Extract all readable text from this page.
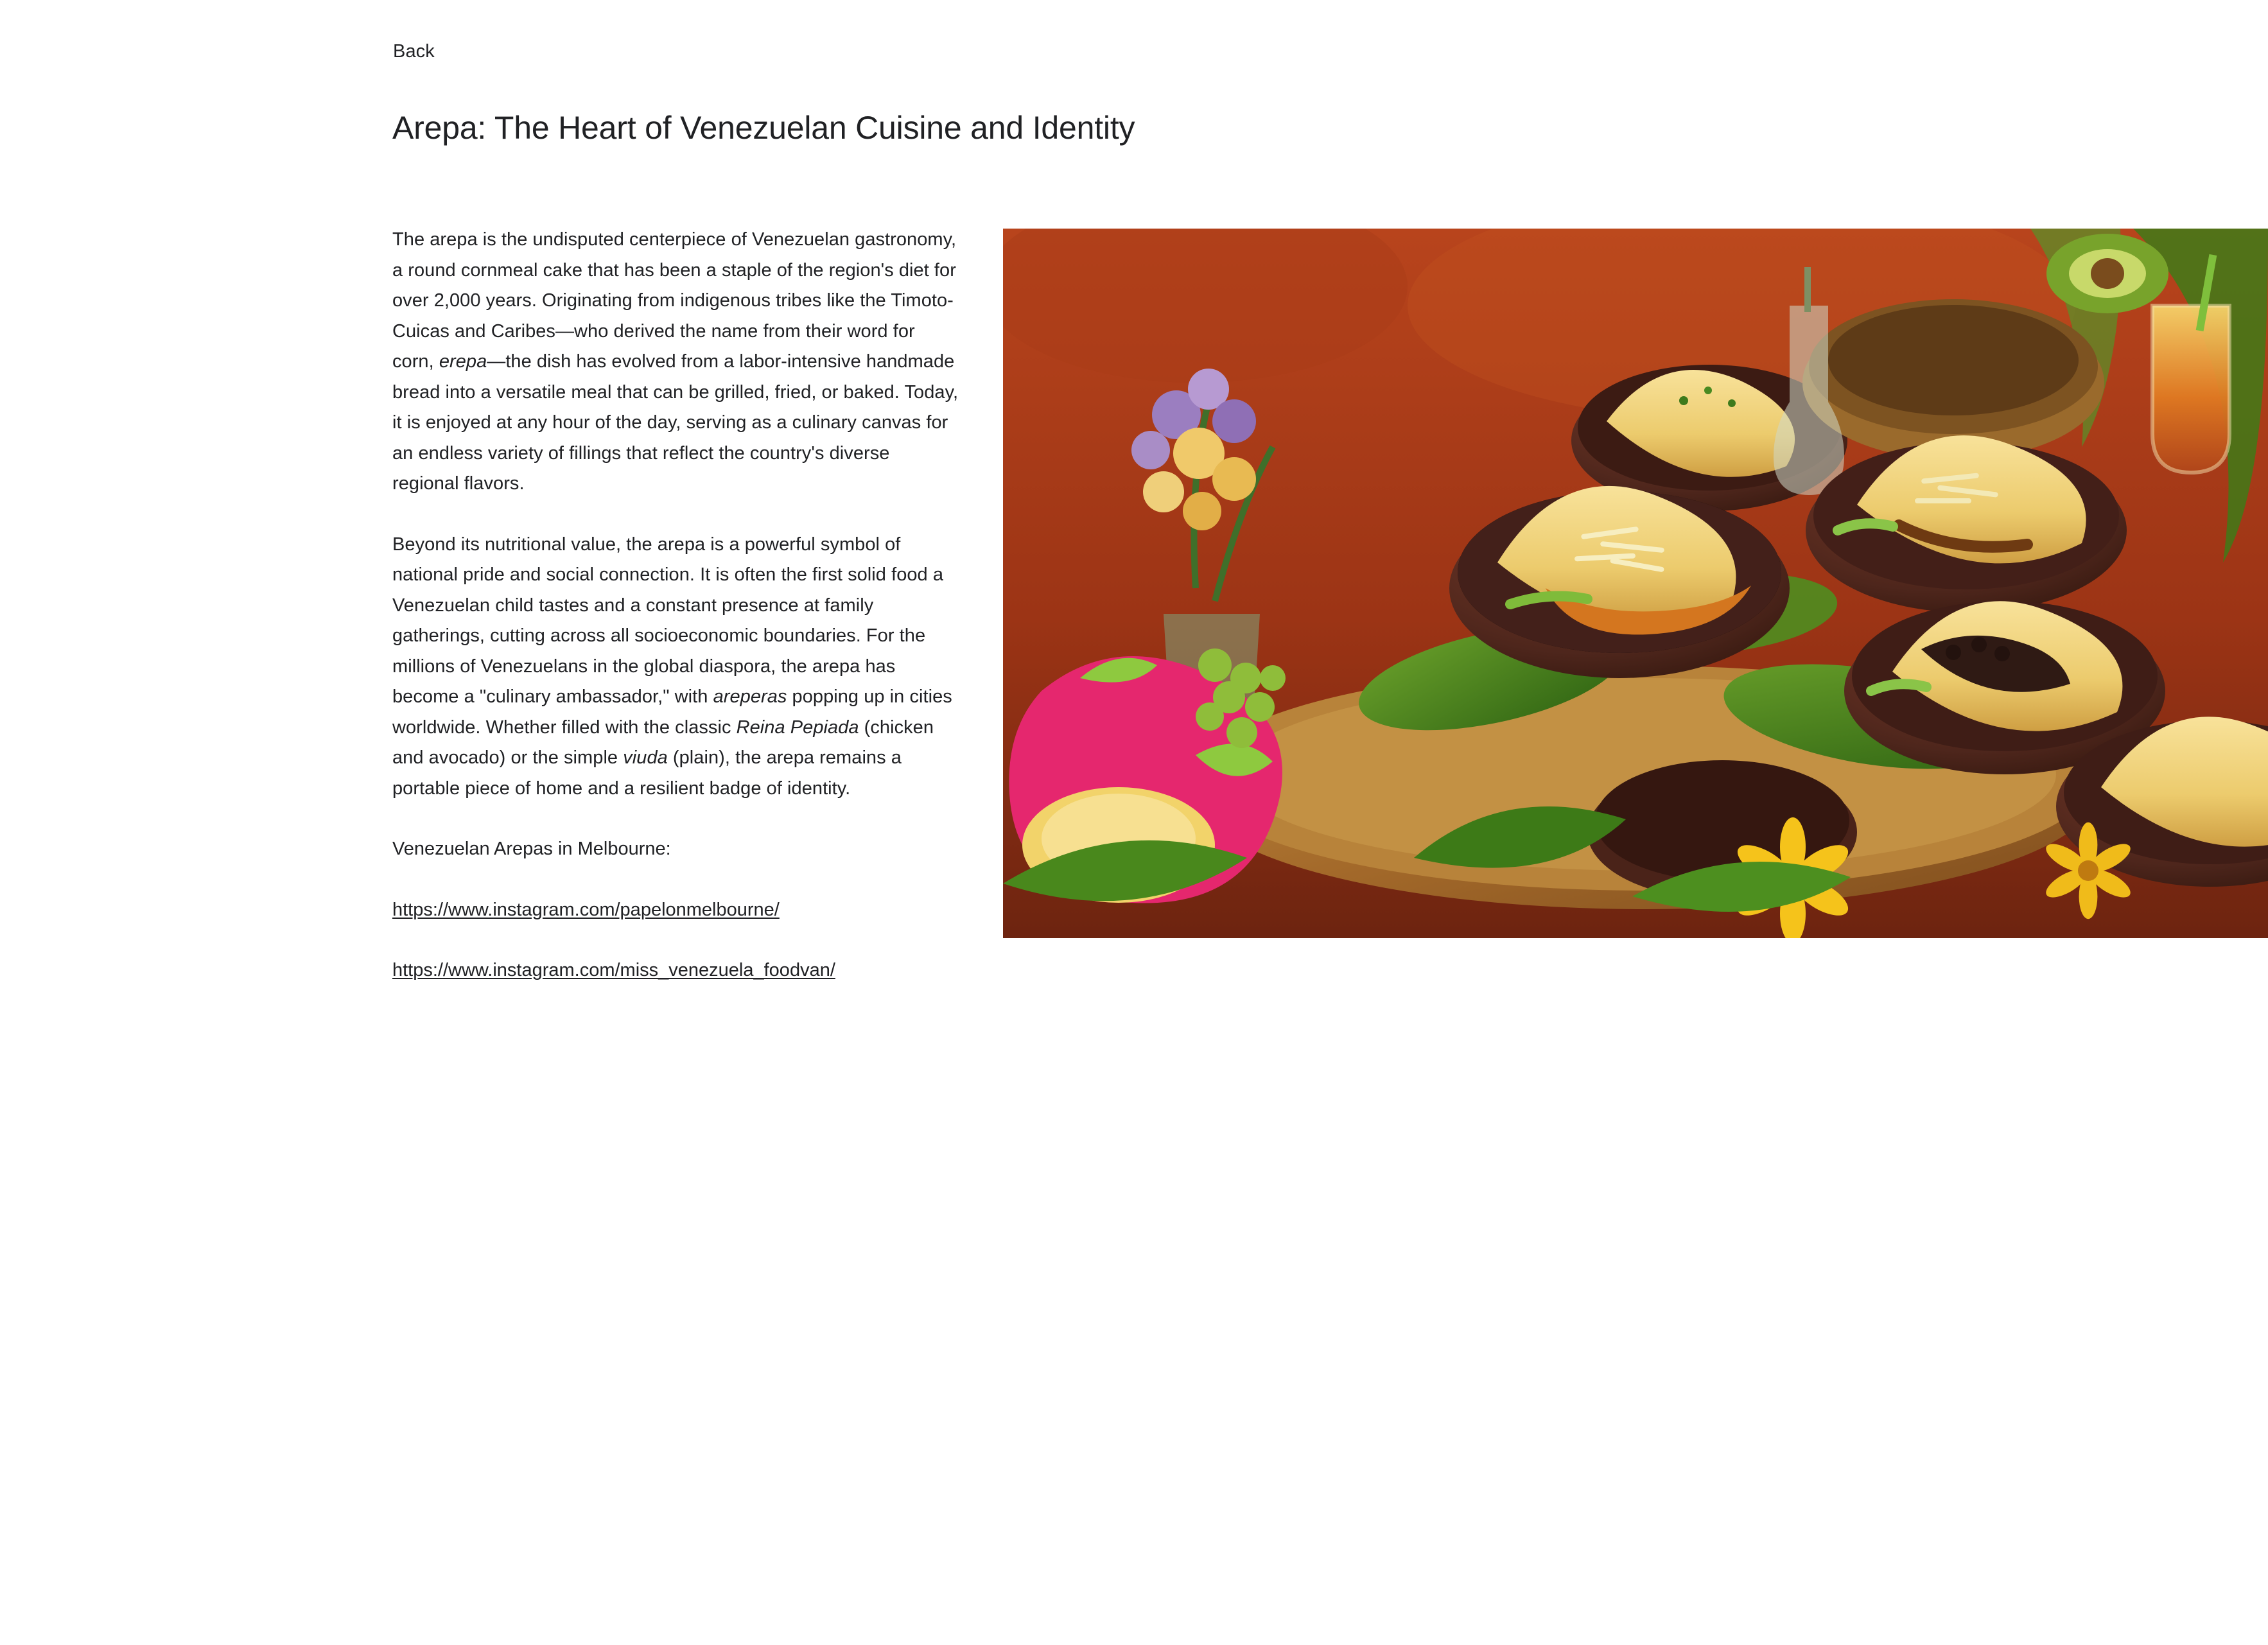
Back
Arepa: The Heart of Venezuelan Cuisine and Identity

The arepa is the undisputed centerpiece of Venezuelan gastronomy, a round cornmeal cake that has been a staple of the region's diet for over 2,000 years. Originating from indigenous tribes like the Timoto-Cuicas and Caribes—who derived the name from their word for corn, erepa—the dish has evolved from a labor-intensive handmade bread into a versatile meal that can be grilled, fried, or baked. Today, it is enjoyed at any hour of the day, serving as a culinary canvas for an endless variety of fillings that reflect the country's diverse regional flavors.

Beyond its nutritional value, the arepa is a powerful symbol of national pride and social connection. It is often the first solid food a Venezuelan child tastes and a constant presence at family gatherings, cutting across all socioeconomic boundaries. For the millions of Venezuelans in the global diaspora, the arepa has become a "culinary ambassador," with areperas popping up in cities worldwide. Whether filled with the classic Reina Pepiada (chicken and avocado) or the simple viuda (plain), the arepa remains a portable piece of home and a resilient badge of identity.

Venezuelan Arepas in Melbourne:

https://www.instagram.com/papelonmelbourne/
https://www.instagram.com/miss_venezuela_foodvan/
